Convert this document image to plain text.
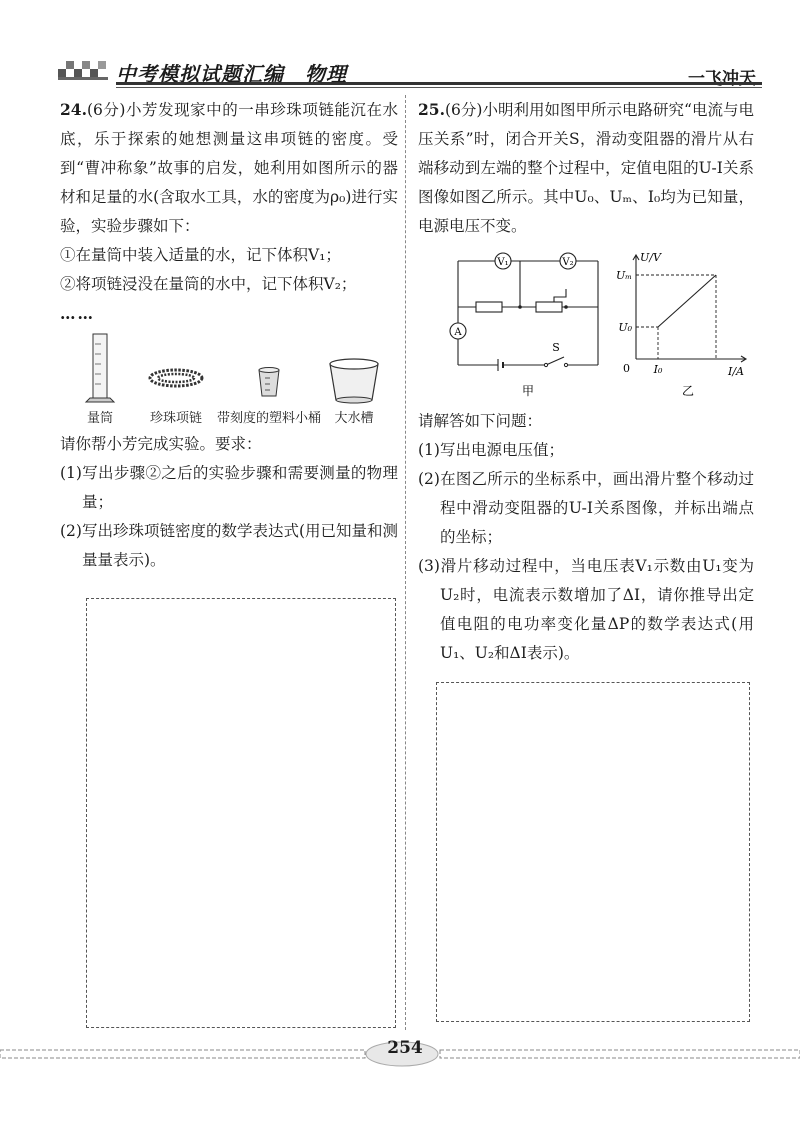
中考模拟试题汇编　物理	一飞冲天

24.(6分)小芳发现家中的一串珍珠项链能沉在水底，乐于探索的她想测量这串项链的密度。受到“曹冲称象”故事的启发，她利用如图所示的器材和足量的水(含取水工具，水的密度为ρ₀)进行实验，实验步骤如下：

①在量筒中装入适量的水，记下体积V₁；

②将项链浸没在量筒的水中，记下体积V₂；

……

量筒	珍珠项链	带刻度的塑料小桶	大水槽

请你帮小芳完成实验。要求：

(1)写出步骤②之后的实验步骤和需要测量的物理量；

(2)写出珍珠项链密度的数学表达式(用已知量和测量量表示)。

25.(6分)小明利用如图甲所示电路研究“电流与电压关系”时，闭合开关S，滑动变阻器的滑片从右端移动到左端的整个过程中，定值电阻的U-I关系图像如图乙所示。其中U₀、Uₘ、I₀均为已知量，电源电压不变。

V₁	V₂
A
S
甲
U/V
I/A
0
Uₘ
U₀
I₀
乙

请解答如下问题：

(1)写出电源电压值；

(2)在图乙所示的坐标系中，画出滑片整个移动过程中滑动变阻器的U-I关系图像，并标出端点的坐标；

(3)滑片移动过程中，当电压表V₁示数由U₁变为U₂时，电流表示数增加了ΔI，请你推导出定值电阻的电功率变化量ΔP的数学表达式(用U₁、U₂和ΔI表示)。

254
